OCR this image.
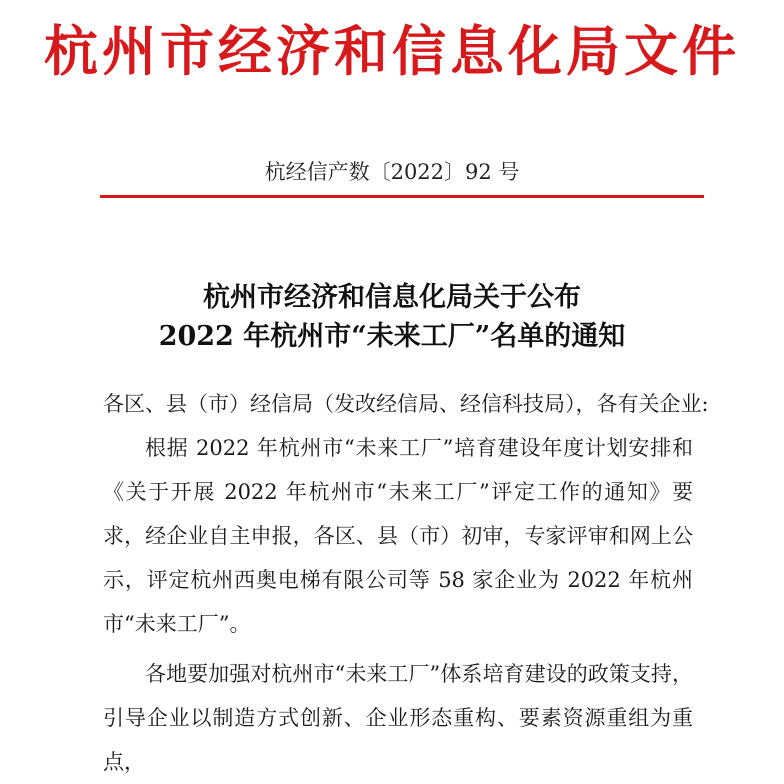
杭州市经济和信息化局文件
杭经信产数〔2022〕92 号
杭州市经济和信息化局关于公布
2022 年杭州市“未来工厂”名单的通知

各区、县（市）经信局（发改经信局、经信科技局），各有关企业:

根据 2022 年杭州市“未来工厂”培育建设年度计划安排和《关于开展 2022 年杭州市“未来工厂”评定工作的通知》要求，经企业自主申报，各区、县（市）初审，专家评审和网上公示，评定杭州西奥电梯有限公司等 58 家企业为 2022 年杭州市“未来工厂”。

各地要加强对杭州市“未来工厂”体系培育建设的政策支持，引导企业以制造方式创新、企业形态重构、要素资源重组为重点，
